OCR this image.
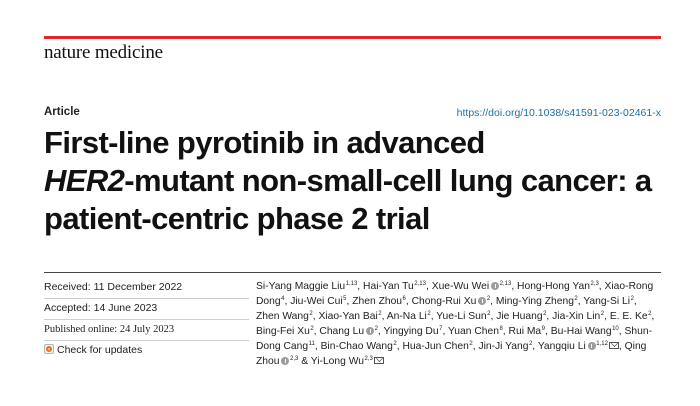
nature medicine
Article	https://doi.org/10.1038/s41591-023-02461-x
First-line pyrotinib in advanced
HER2-mutant non-small-cell lung cancer: a
patient-centric phase 2 trial
Received: 11 December 2022
Accepted: 14 June 2023
Published online: 24 July 2023
Check for updates
Si-Yang Maggie Liu$^{1,13}$, Hai-Yan Tu$^{2,13}$, Xue-Wu Wei $^{2,13}$, Hong-Hong Yan$^{2,3}$, Xiao-Rong Dong$^4$, Jiu-Wei Cui$^5$, Zhen Zhou$^6$, Chong-Rui Xu $^2$, Ming-Ying Zheng$^2$, Yang-Si Li$^2$, Zhen Wang$^2$, Xiao-Yan Bai$^2$, An-Na Li$^2$, Yue-Li Sun$^2$, Jie Huang$^2$, Jia-Xin Lin$^2$, E. E. Ke$^2$, Bing-Fei Xu$^2$, Chang Lu $^2$, Yingying Du$^7$, Yuan Chen$^8$, Rui Ma$^9$, Bu-Hai Wang$^{10}$, Shun-Dong Cang$^{11}$, Bin-Chao Wang$^2$, Hua-Jun Chen$^2$, Jin-Ji Yang$^2$, Yangqiu Li $^{1,12}$ , Qing Zhou $^{2,3}$ & Yi-Long Wu$^{2,3}$
